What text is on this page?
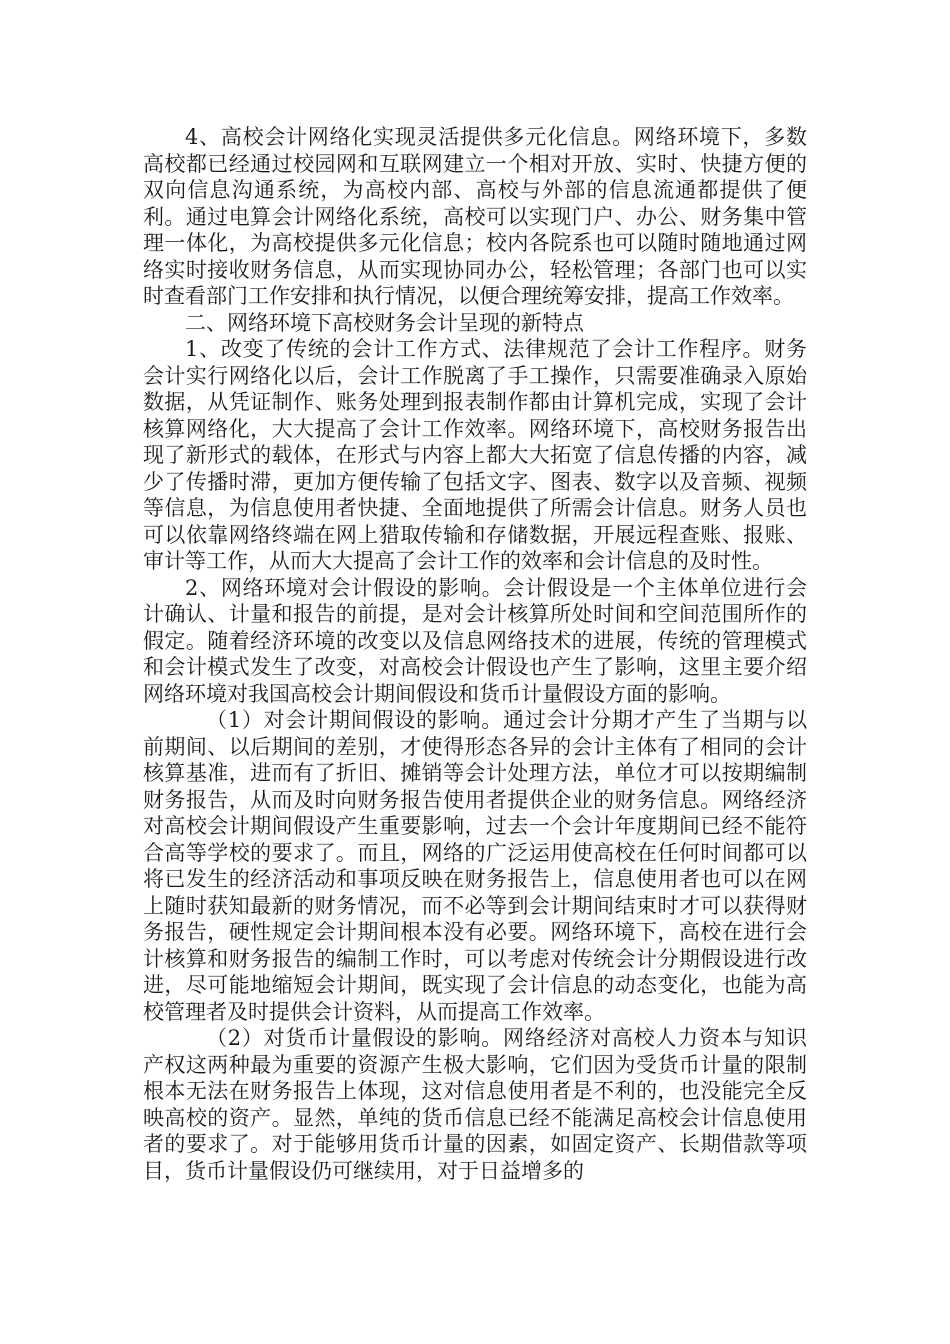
4、高校会计网络化实现灵活提供多元化信息。网络环境下，多数高校都已经通过校园网和互联网建立一个相对开放、实时、快捷方便的双向信息沟通系统，为高校内部、高校与外部的信息流通都提供了便利。通过电算会计网络化系统，高校可以实现门户、办公、财务集中管理一体化，为高校提供多元化信息；校内各院系也可以随时随地通过网络实时接收财务信息，从而实现协同办公，轻松管理；各部门也可以实时查看部门工作安排和执行情况，以便合理统筹安排，提高工作效率。

二、网络环境下高校财务会计呈现的新特点

1、改变了传统的会计工作方式、法律规范了会计工作程序。财务会计实行网络化以后，会计工作脱离了手工操作，只需要准确录入原始数据，从凭证制作、账务处理到报表制作都由计算机完成，实现了会计核算网络化，大大提高了会计工作效率。网络环境下，高校财务报告出现了新形式的载体，在形式与内容上都大大拓宽了信息传播的内容，减少了传播时滞，更加方便传输了包括文字、图表、数字以及音频、视频等信息，为信息使用者快捷、全面地提供了所需会计信息。财务人员也可以依靠网络终端在网上猎取传输和存储数据，开展远程查账、报账、审计等工作，从而大大提高了会计工作的效率和会计信息的及时性。

2、网络环境对会计假设的影响。会计假设是一个主体单位进行会计确认、计量和报告的前提，是对会计核算所处时间和空间范围所作的假定。随着经济环境的改变以及信息网络技术的进展，传统的管理模式和会计模式发生了改变，对高校会计假设也产生了影响，这里主要介绍网络环境对我国高校会计期间假设和货币计量假设方面的影响。

（1）对会计期间假设的影响。通过会计分期才产生了当期与以前期间、以后期间的差别，才使得形态各异的会计主体有了相同的会计核算基准，进而有了折旧、摊销等会计处理方法，单位才可以按期编制财务报告，从而及时向财务报告使用者提供企业的财务信息。网络经济对高校会计期间假设产生重要影响，过去一个会计年度期间已经不能符合高等学校的要求了。而且，网络的广泛运用使高校在任何时间都可以将已发生的经济活动和事项反映在财务报告上，信息使用者也可以在网上随时获知最新的财务情况，而不必等到会计期间结束时才可以获得财务报告，硬性规定会计期间根本没有必要。网络环境下，高校在进行会计核算和财务报告的编制工作时，可以考虑对传统会计分期假设进行改进，尽可能地缩短会计期间，既实现了会计信息的动态变化，也能为高校管理者及时提供会计资料，从而提高工作效率。

（2）对货币计量假设的影响。网络经济对高校人力资本与知识产权这两种最为重要的资源产生极大影响，它们因为受货币计量的限制根本无法在财务报告上体现，这对信息使用者是不利的，也没能完全反映高校的资产。显然，单纯的货币信息已经不能满足高校会计信息使用者的要求了。对于能够用货币计量的因素，如固定资产、长期借款等项目，货币计量假设仍可继续用，对于日益增多的
